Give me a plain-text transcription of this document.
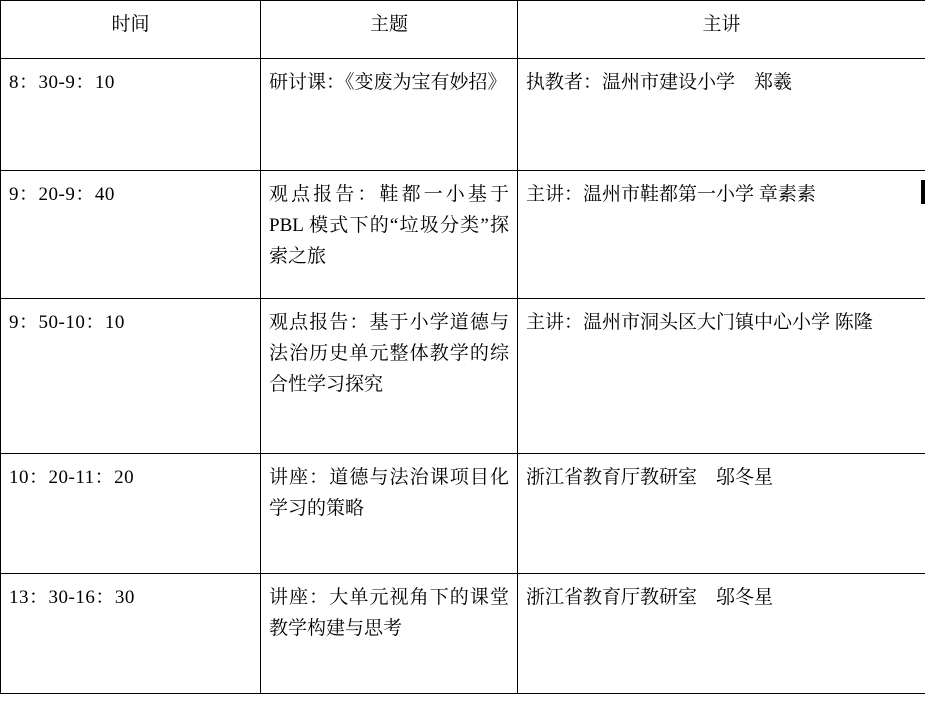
时间	主题	主讲
8：30-9：10	研讨课：《变废为宝有妙招》	执教者：温州市建设小学　郑羲
9：20-9：40	观点报告：鞋都一小基于 PBL 模式下的“垃圾分类”探索之旅	主讲：温州市鞋都第一小学 章素素
9：50-10：10	观点报告：基于小学道德与法治历史单元整体教学的综合性学习探究	主讲：温州市洞头区大门镇中心小学 陈隆
10：20-11：20	讲座：道德与法治课项目化学习的策略	浙江省教育厅教研室　邬冬星
13：30-16：30	讲座：大单元视角下的课堂教学构建与思考	浙江省教育厅教研室　邬冬星
